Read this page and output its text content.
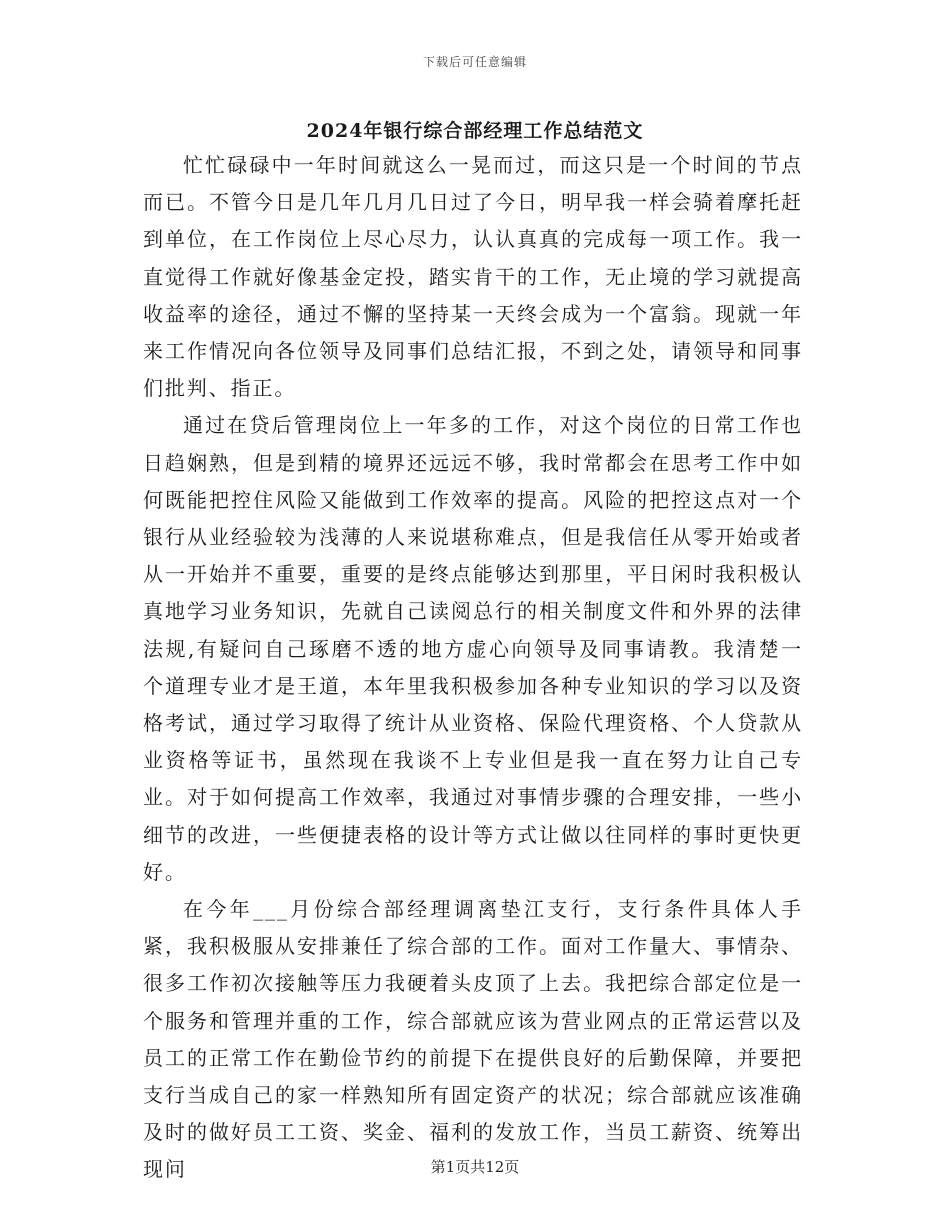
下载后可任意编辑
2024年银行综合部经理工作总结范文

忙忙碌碌中一年时间就这么一晃而过，而这只是一个时间的节点而已。不管今日是几年几月几日过了今日，明早我一样会骑着摩托赶到单位，在工作岗位上尽心尽力，认认真真的完成每一项工作。我一直觉得工作就好像基金定投，踏实肯干的工作，无止境的学习就提高收益率的途径，通过不懈的坚持某一天终会成为一个富翁。现就一年来工作情况向各位领导及同事们总结汇报，不到之处，请领导和同事们批判、指正。

通过在贷后管理岗位上一年多的工作，对这个岗位的日常工作也日趋娴熟，但是到精的境界还远远不够，我时常都会在思考工作中如何既能把控住风险又能做到工作效率的提高。风险的把控这点对一个银行从业经验较为浅薄的人来说堪称难点，但是我信任从零开始或者从一开始并不重要，重要的是终点能够达到那里，平日闲时我积极认真地学习业务知识，先就自己读阅总行的相关制度文件和外界的法律法规,有疑问自己琢磨不透的地方虚心向领导及同事请教。我清楚一个道理专业才是王道，本年里我积极参加各种专业知识的学习以及资格考试，通过学习取得了统计从业资格、保险代理资格、个人贷款从业资格等证书，虽然现在我谈不上专业但是我一直在努力让自己专业。对于如何提高工作效率，我通过对事情步骤的合理安排，一些小细节的改进，一些便捷表格的设计等方式让做以往同样的事时更快更好。

在今年___月份综合部经理调离垫江支行，支行条件具体人手紧，我积极服从安排兼任了综合部的工作。面对工作量大、事情杂、很多工作初次接触等压力我硬着头皮顶了上去。我把综合部定位是一个服务和管理并重的工作，综合部就应该为营业网点的正常运营以及员工的正常工作在勤俭节约的前提下在提供良好的后勤保障，并要把支行当成自己的家一样熟知所有固定资产的状况；综合部就应该准确及时的做好员工工资、奖金、福利的发放工作，当员工薪资、统筹出现问	第1页共12页
